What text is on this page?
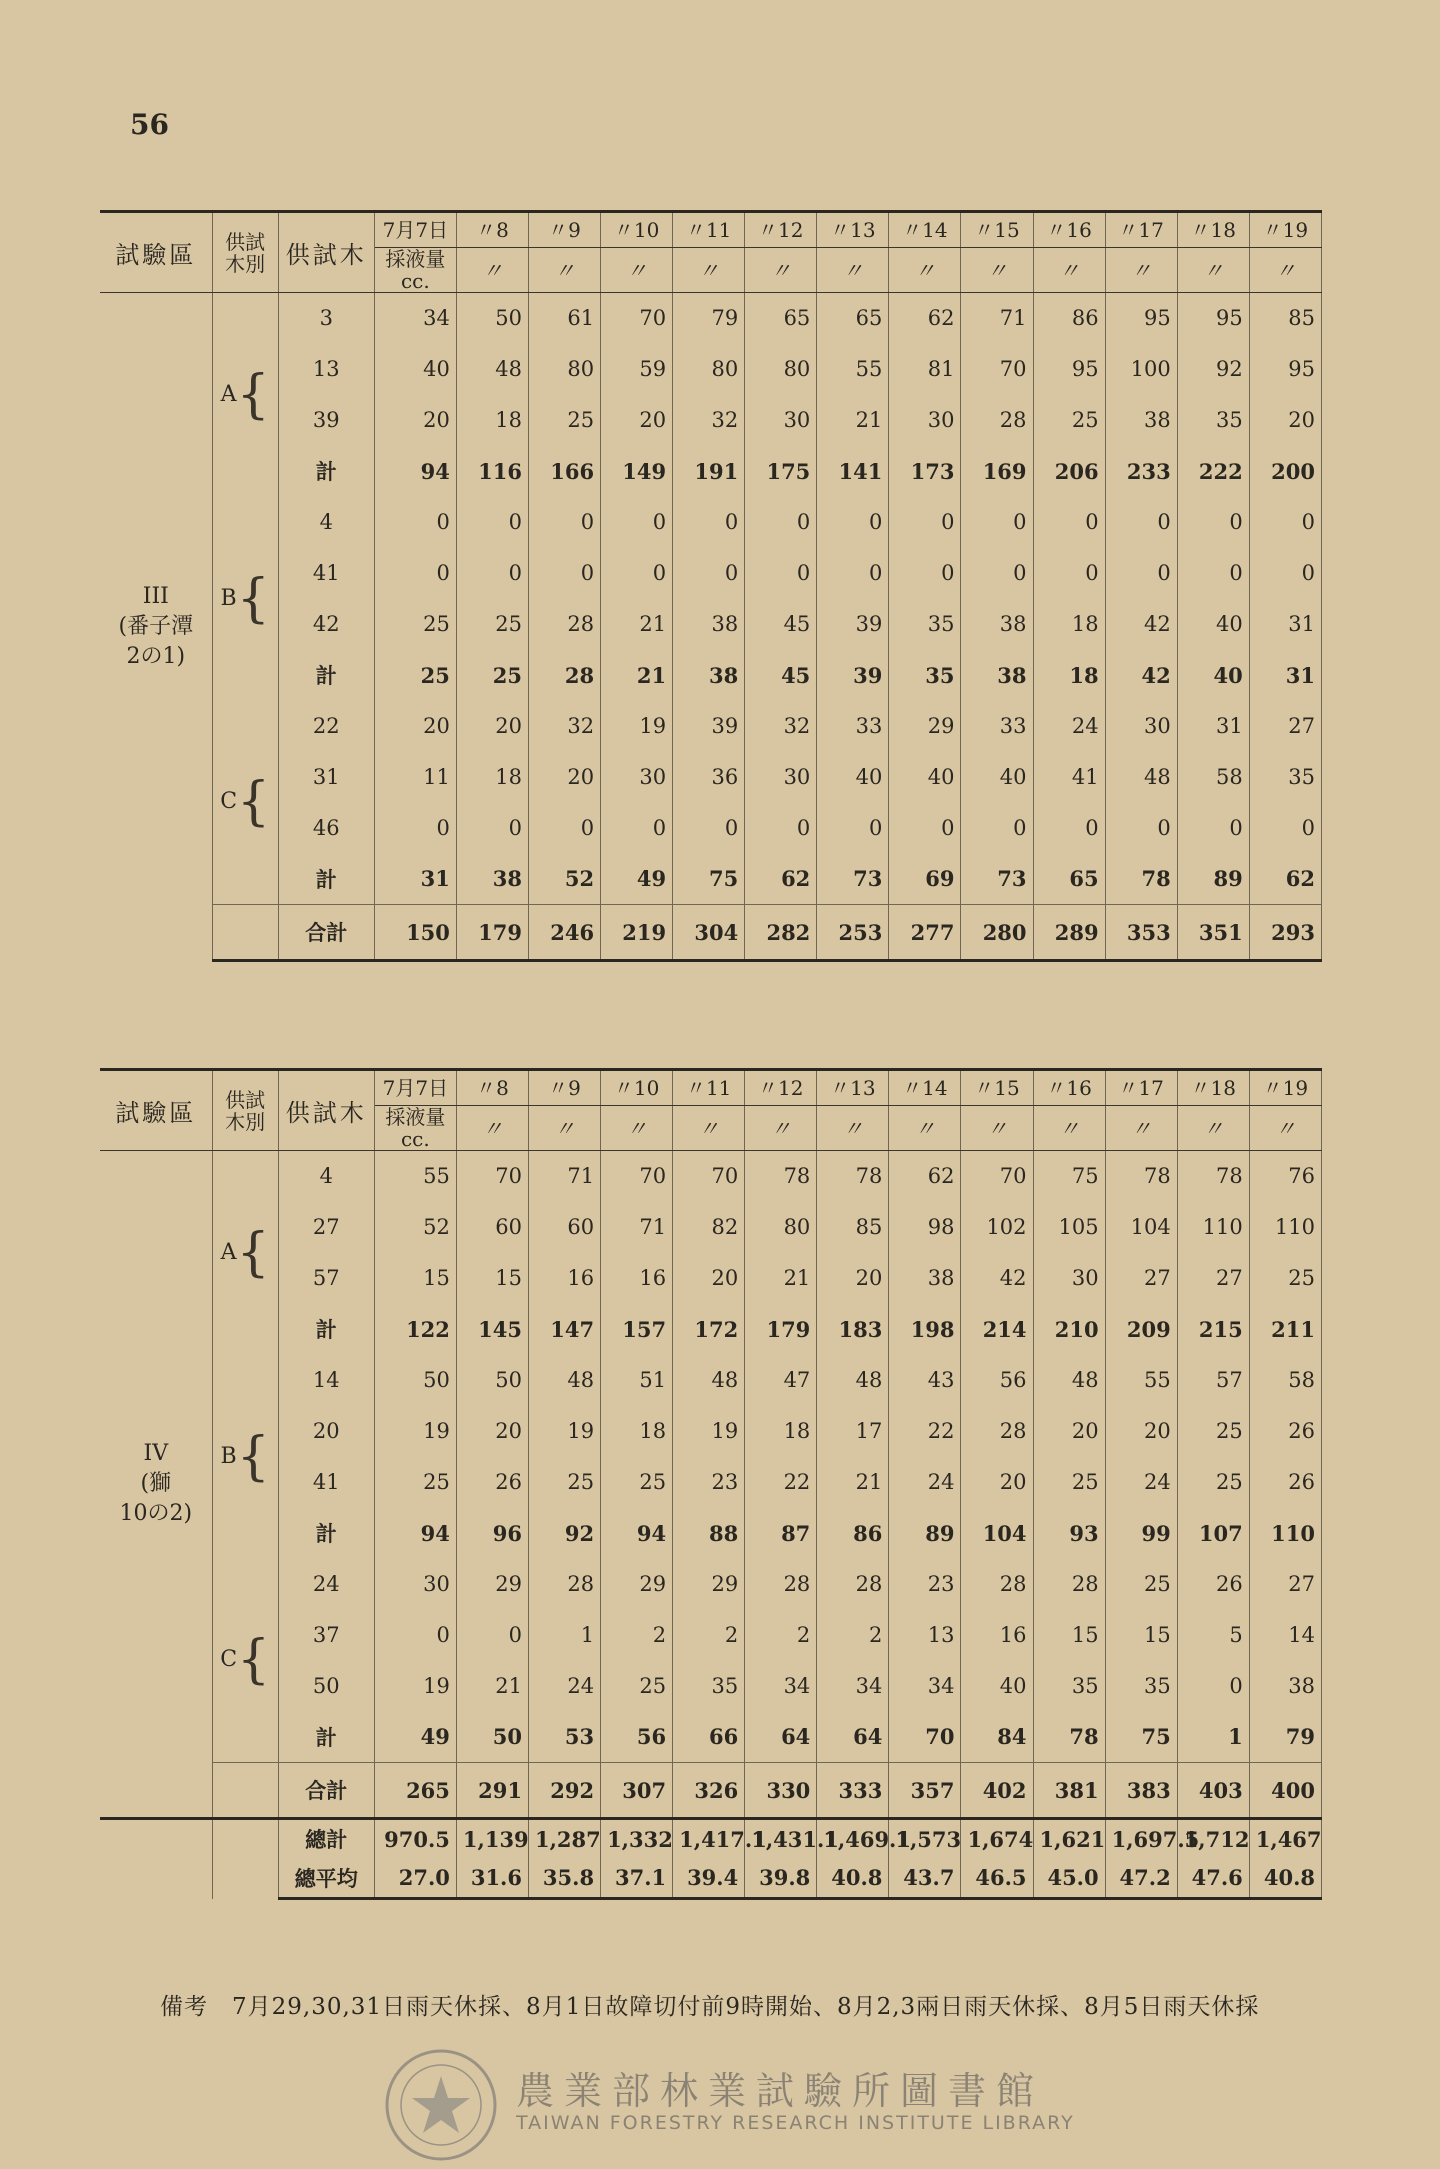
56
試驗區	供試木別	供試木	7月7日	〃8	〃9	〃10	〃11	〃12	〃13	〃14	〃15	〃16	〃17	〃18	〃19
			採液量cc.	〃	〃	〃	〃	〃	〃	〃	〃	〃	〃	〃	〃

III
(番子潭
2の1)	A{	3	34	50	61	70	79	65	65	62	71	86	95	95	85
		13	40	48	80	59	80	80	55	81	70	95	100	92	95
		39	20	18	25	20	32	30	21	30	28	25	38	35	20
		計	94	116	166	149	191	175	141	173	169	206	233	222	200
	B{	4	0	0	0	0	0	0	0	0	0	0	0	0	0
		41	0	0	0	0	0	0	0	0	0	0	0	0	0
		42	25	25	28	21	38	45	39	35	38	18	42	40	31
		計	25	25	28	21	38	45	39	35	38	18	42	40	31
	C{	22	20	20	32	19	39	32	33	29	33	24	30	31	27
		31	11	18	20	30	36	30	40	40	40	41	48	58	35
		46	0	0	0	0	0	0	0	0	0	0	0	0	0
		計	31	38	52	49	75	62	73	69	73	65	78	89	62
		合計	150	179	246	219	304	282	253	277	280	289	353	351	293
試驗區	供試木別	供試木	7月7日	〃8	〃9	〃10	〃11	〃12	〃13	〃14	〃15	〃16	〃17	〃18	〃19
			採液量cc.	〃	〃	〃	〃	〃	〃	〃	〃	〃	〃	〃	〃

IV
(獅
10の2)	A{	4	55	70	71	70	70	78	78	62	70	75	78	78	76
		27	52	60	60	71	82	80	85	98	102	105	104	110	110
		57	15	15	16	16	20	21	20	38	42	30	27	27	25
		計	122	145	147	157	172	179	183	198	214	210	209	215	211
	B{	14	50	50	48	51	48	47	48	43	56	48	55	57	58
		20	19	20	19	18	19	18	17	22	28	20	20	25	26
		41	25	26	25	25	23	22	21	24	20	25	24	25	26
		計	94	96	92	94	88	87	86	89	104	93	99	107	110
	C{	24	30	29	28	29	29	28	28	23	28	28	25	26	27
		37	0	0	1	2	2	2	2	13	16	15	15	5	14
		50	19	21	24	25	35	34	34	34	40	35	35	0	38
		計	49	50	53	56	66	64	64	70	84	78	75	1	79
		合計	265	291	292	307	326	330	333	357	402	381	383	403	400
		總計	970.5	1,139	1,287	1,332	1,417.1	1,431.1	1,469.1	1,573	1,674	1,621	1,697.5	1,712	1,467
		總平均	27.0	31.6	35.8	37.1	39.4	39.8	40.8	43.7	46.5	45.0	47.2	47.6	40.8
備考　7月29,30,31日雨天休採、8月1日故障切付前9時開始、8月2,3兩日雨天休採、8月5日雨天休採
農業部林業試驗所圖書館
TAIWAN FORESTRY RESEARCH INSTITUTE LIBRARY
